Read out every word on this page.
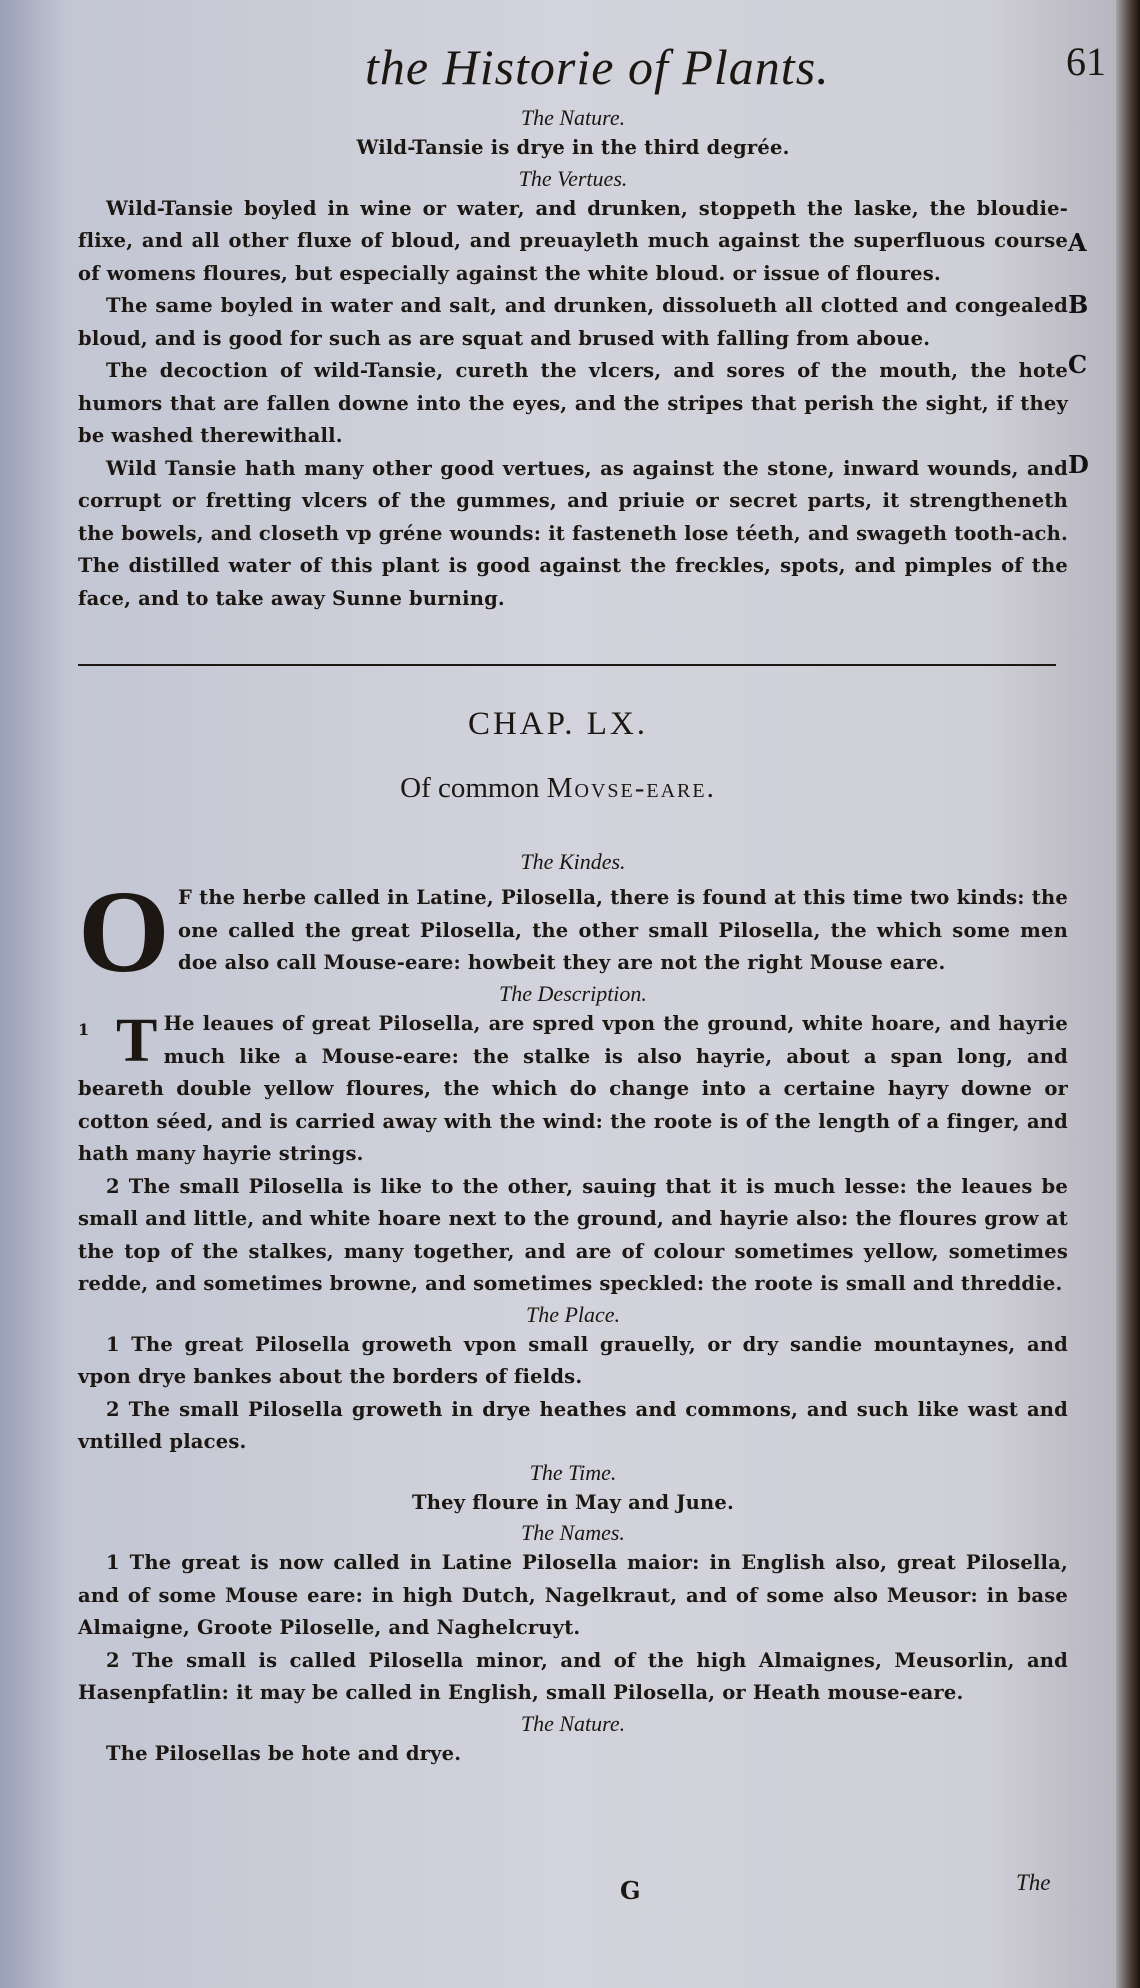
the Historie of Plants.	61

The Nature.

Wild-Tansie is drye in the third degrée.

The Vertues.

Wild-Tansie boyled in wine or water, and drunken, stoppeth the laske, the bloudie-flixe, and all other fluxe of bloud, and preuayleth much against the superfluous course of womens floures, but especially against the white bloud. or issue of floures.

The same boyled in water and salt, and drunken, dissolueth all clotted and congealed bloud, and is good for such as are squat and brused with falling from aboue.

The decoction of wild-Tansie, cureth the vlcers, and sores of the mouth, the hote humors that are fallen downe into the eyes, and the stripes that perish the sight, if they be washed therewithall.

Wild Tansie hath many other good vertues, as against the stone, inward wounds, and corrupt or fretting vlcers of the gummes, and priuie or secret parts, it strengtheneth the bowels, and closeth vp gréne wounds: it fasteneth lose téeth, and swageth tooth-ach. The distilled water of this plant is good against the freckles, spots, and pimples of the face, and to take away Sunne burning.

A
B
C
D
CHAP. LX.
Of common Movse-eare.

The Kindes.

O F the herbe called in Latine, Pilosella, there is found at this time two kinds: the one called the great Pilosella, the other small Pilosella, the which some men doe also call Mouse-eare: howbeit they are not the right Mouse eare.

The Description.

1 T He leaues of great Pilosella, are spred vpon the ground, white hoare, and hayrie much like a Mouse-eare: the stalke is also hayrie, about a span long, and beareth double yellow floures, the which do change into a certaine hayry downe or cotton séed, and is carried away with the wind: the roote is of the length of a finger, and hath many hayrie strings.

2 The small Pilosella is like to the other, sauing that it is much lesse: the leaues be small and little, and white hoare next to the ground, and hayrie also: the floures grow at the top of the stalkes, many together, and are of colour sometimes yellow, sometimes redde, and sometimes browne, and sometimes speckled: the roote is small and threddie.

The Place.

1 The great Pilosella groweth vpon small grauelly, or dry sandie mountaynes, and vpon drye bankes about the borders of fields.

2 The small Pilosella groweth in drye heathes and commons, and such like wast and vntilled places.

The Time.

They floure in May and June.

The Names.

1 The great is now called in Latine Pilosella maior: in English also, great Pilosella, and of some Mouse eare: in high Dutch, Nagelkraut, and of some also Meusor: in base Almaigne, Groote Piloselle, and Naghelcruyt.

2 The small is called Pilosella minor, and of the high Almaignes, Meusorlin, and Hasenpfatlin: it may be called in English, small Pilosella, or Heath mouse-eare.

The Nature.

The Pilosellas be hote and drye.

G	The
